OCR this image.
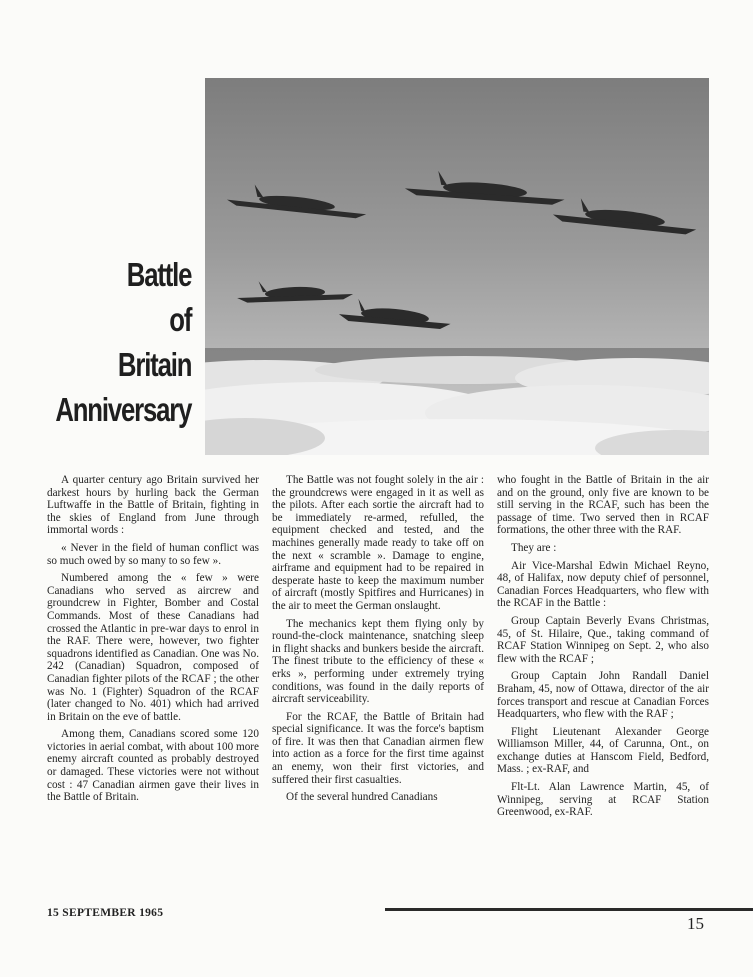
Battle
of
Britain
Anniversary

A quarter century ago Britain survived her darkest hours by hurling back the German Luftwaffe in the Battle of Britain, fighting in the skies of England from June through immortal words :

« Never in the field of human conflict was so much owed by so many to so few ».

Numbered among the « few » were Canadians who served as aircrew and groundcrew in Fighter, Bomber and Costal Commands. Most of these Canadians had crossed the Atlantic in pre-war days to enrol in the RAF. There were, however, two fighter squadrons identified as Canadian. One was No. 242 (Canadian) Squadron, composed of Canadian fighter pilots of the RCAF ; the other was No. 1 (Fighter) Squadron of the RCAF (later changed to No. 401) which had arrived in Britain on the eve of battle.

Among them, Canadians scored some 120 victories in aerial combat, with about 100 more enemy aircraft counted as probably destroyed or damaged. These victories were not without cost : 47 Canadian airmen gave their lives in the Battle of Britain.

The Battle was not fought solely in the air : the groundcrews were engaged in it as well as the pilots. After each sortie the aircraft had to be immediately re-armed, refulled, the equipment checked and tested, and the machines generally made ready to take off on the next « scramble ». Damage to engine, airframe and equipment had to be repaired in desperate haste to keep the maximum number of aircraft (mostly Spitfires and Hurricanes) in the air to meet the German onslaught.

The mechanics kept them flying only by round-the-clock maintenance, snatching sleep in flight shacks and bunkers beside the aircraft. The finest tribute to the efficiency of these « erks », performing under extremely trying conditions, was found in the daily reports of aircraft serviceability.

For the RCAF, the Battle of Britain had special significance. It was the force's baptism of fire. It was then that Canadian airmen flew into action as a force for the first time against an enemy, won their first victories, and suffered their first casualties.

Of the several hundred Canadians

who fought in the Battle of Britain in the air and on the ground, only five are known to be still serving in the RCAF, such has been the passage of time. Two served then in RCAF formations, the other three with the RAF.

They are :

Air Vice-Marshal Edwin Michael Reyno, 48, of Halifax, now deputy chief of personnel, Canadian Forces Headquarters, who flew with the RCAF in the Battle :

Group Captain Beverly Evans Christmas, 45, of St. Hilaire, Que., taking command of RCAF Station Winnipeg on Sept. 2, who also flew with the RCAF ;

Group Captain John Randall Daniel Braham, 45, now of Ottawa, director of the air forces transport and rescue at Canadian Forces Headquarters, who flew with the RAF ;

Flight Lieutenant Alexander George Williamson Miller, 44, of Carunna, Ont., on exchange duties at Hanscom Field, Bedford, Mass. ; ex-RAF, and

Flt-Lt. Alan Lawrence Martin, 45, of Winnipeg, serving at RCAF Station Greenwood, ex-RAF.

15 SEPTEMBER 1965
15
